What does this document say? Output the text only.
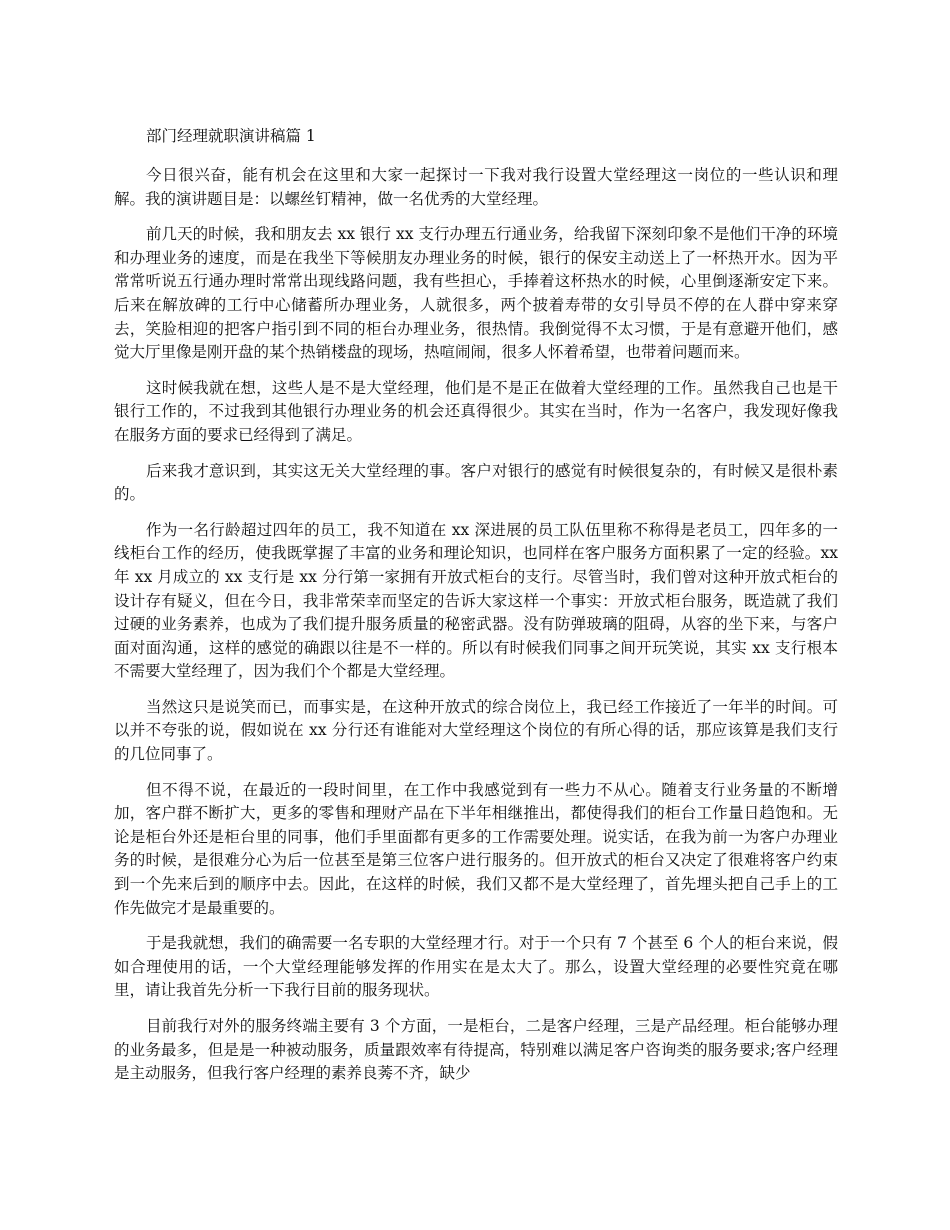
部门经理就职演讲稿篇 1

今日很兴奋，能有机会在这里和大家一起探讨一下我对我行设置大堂经理这一岗位的一些认识和理解。我的演讲题目是：以螺丝钉精神，做一名优秀的大堂经理。

前几天的时候，我和朋友去 xx 银行 xx 支行办理五行通业务，给我留下深刻印象不是他们干净的环境和办理业务的速度，而是在我坐下等候朋友办理业务的时候，银行的保安主动送上了一杯热开水。因为平常常听说五行通办理时常常出现线路问题，我有些担心，手捧着这杯热水的时候，心里倒逐渐安定下来。后来在解放碑的工行中心储蓄所办理业务，人就很多，两个披着寿带的女引导员不停的在人群中穿来穿去，笑脸相迎的把客户指引到不同的柜台办理业务，很热情。我倒觉得不太习惯，于是有意避开他们，感觉大厅里像是刚开盘的某个热销楼盘的现场，热喧闹闹，很多人怀着希望，也带着问题而来。

这时候我就在想，这些人是不是大堂经理，他们是不是正在做着大堂经理的工作。虽然我自己也是干银行工作的，不过我到其他银行办理业务的机会还真得很少。其实在当时，作为一名客户，我发现好像我在服务方面的要求已经得到了满足。

后来我才意识到，其实这无关大堂经理的事。客户对银行的感觉有时候很复杂的，有时候又是很朴素的。

作为一名行龄超过四年的员工，我不知道在 xx 深进展的员工队伍里称不称得是老员工，四年多的一线柜台工作的经历，使我既掌握了丰富的业务和理论知识，也同样在客户服务方面积累了一定的经验。xx 年 xx 月成立的 xx 支行是 xx 分行第一家拥有开放式柜台的支行。尽管当时，我们曾对这种开放式柜台的设计存有疑义，但在今日，我非常荣幸而坚定的告诉大家这样一个事实：开放式柜台服务，既造就了我们过硬的业务素养，也成为了我们提升服务质量的秘密武器。没有防弹玻璃的阻碍，从容的坐下来，与客户面对面沟通，这样的感觉的确跟以往是不一样的。所以有时候我们同事之间开玩笑说，其实 xx 支行根本不需要大堂经理了，因为我们个个都是大堂经理。

当然这只是说笑而已，而事实是，在这种开放式的综合岗位上，我已经工作接近了一年半的时间。可以并不夸张的说，假如说在 xx 分行还有谁能对大堂经理这个岗位的有所心得的话，那应该算是我们支行的几位同事了。

但不得不说，在最近的一段时间里，在工作中我感觉到有一些力不从心。随着支行业务量的不断增加，客户群不断扩大，更多的零售和理财产品在下半年相继推出，都使得我们的柜台工作量日趋饱和。无论是柜台外还是柜台里的同事，他们手里面都有更多的工作需要处理。说实话，在我为前一为客户办理业务的时候，是很难分心为后一位甚至是第三位客户进行服务的。但开放式的柜台又决定了很难将客户约束到一个先来后到的顺序中去。因此，在这样的时候，我们又都不是大堂经理了，首先埋头把自己手上的工作先做完才是最重要的。

于是我就想，我们的确需要一名专职的大堂经理才行。对于一个只有 7 个甚至 6 个人的柜台来说，假如合理使用的话，一个大堂经理能够发挥的作用实在是太大了。那么，设置大堂经理的必要性究竟在哪里，请让我首先分析一下我行目前的服务现状。

目前我行对外的服务终端主要有 3 个方面，一是柜台，二是客户经理，三是产品经理。柜台能够办理的业务最多，但是是一种被动服务，质量跟效率有待提高，特别难以满足客户咨询类的服务要求;客户经理是主动服务，但我行客户经理的素养良莠不齐，缺少
